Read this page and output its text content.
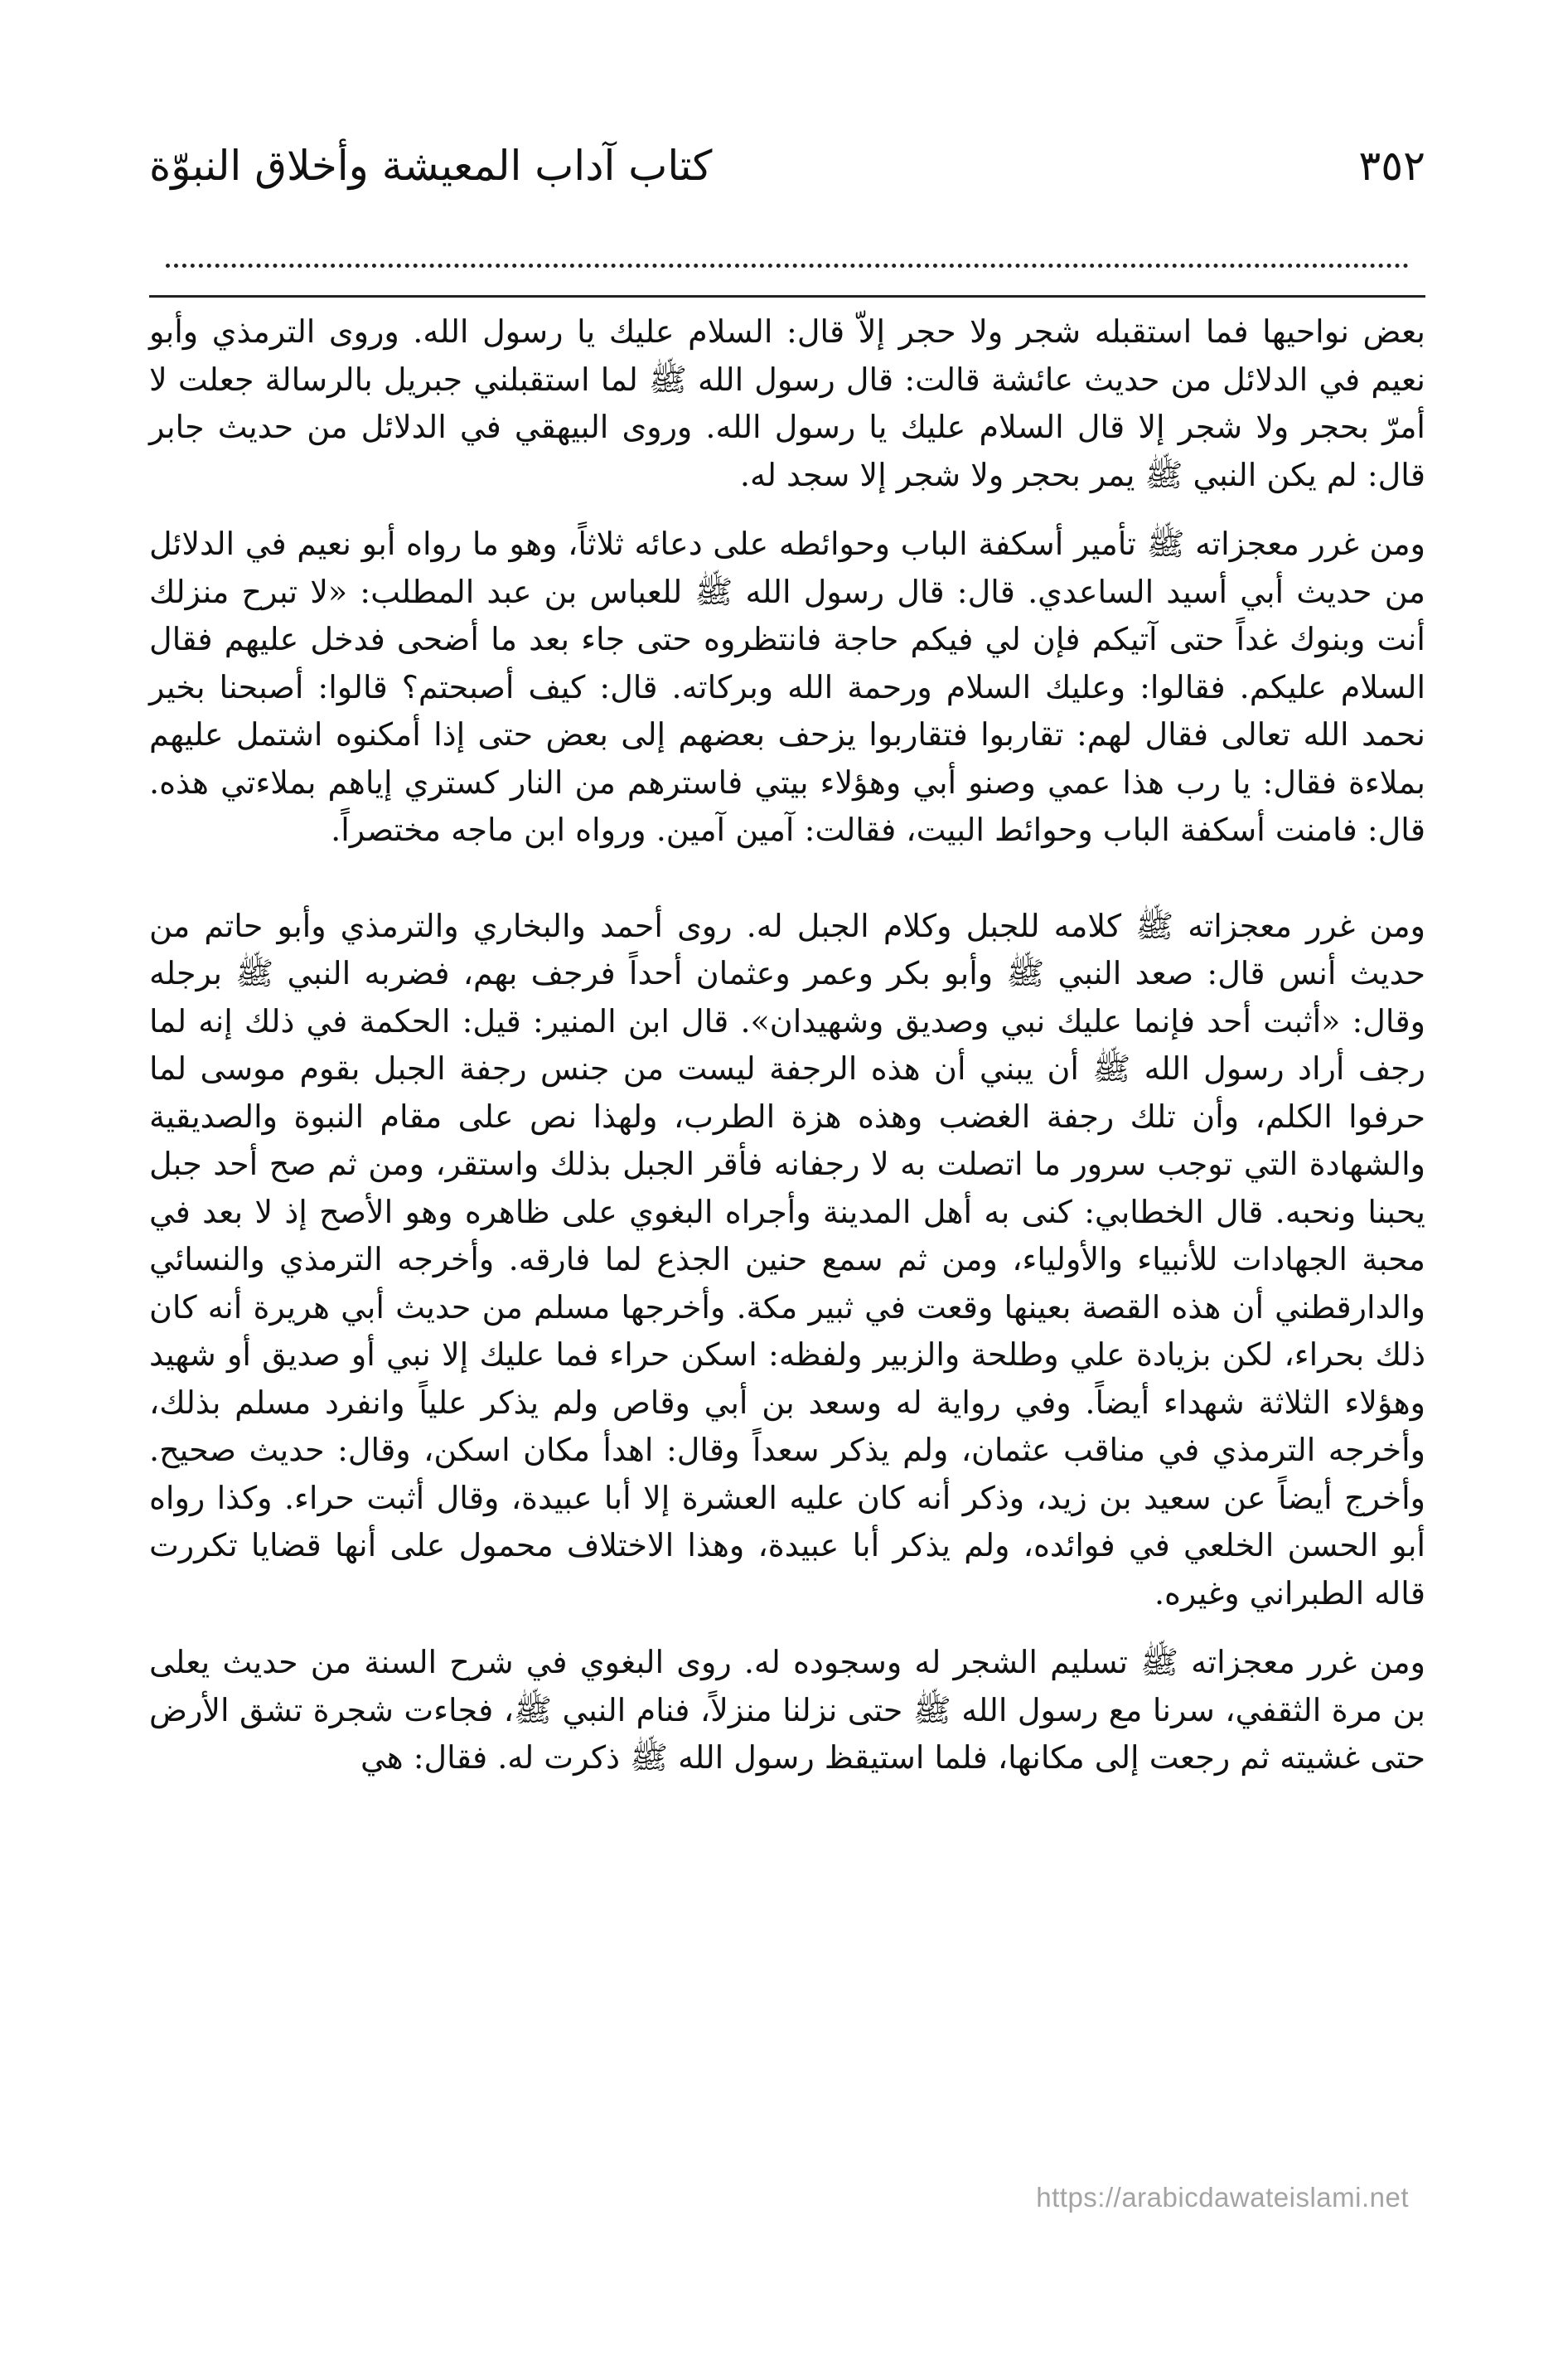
٣٥٢
كتاب آداب المعيشة وأخلاق النبوّة

بعض نواحيها فما استقبله شجر ولا حجر إلاّ قال: السلام عليك يا رسول الله. وروى الترمذي وأبو نعيم في الدلائل من حديث عائشة قالت: قال رسول الله ﷺ لما استقبلني جبريل بالرسالة جعلت لا أمرّ بحجر ولا شجر إلا قال السلام عليك يا رسول الله. وروى البيهقي في الدلائل من حديث جابر قال: لم يكن النبي ﷺ يمر بحجر ولا شجر إلا سجد له.

ومن غرر معجزاته ﷺ تأمير أسكفة الباب وحوائطه على دعائه ثلاثاً، وهو ما رواه أبو نعيم في الدلائل من حديث أبي أسيد الساعدي. قال: قال رسول الله ﷺ للعباس بن عبد المطلب: «لا تبرح منزلك أنت وبنوك غداً حتى آتيكم فإن لي فيكم حاجة فانتظروه حتى جاء بعد ما أضحى فدخل عليهم فقال السلام عليكم. فقالوا: وعليك السلام ورحمة الله وبركاته. قال: كيف أصبحتم؟ قالوا: أصبحنا بخير نحمد الله تعالى فقال لهم: تقاربوا فتقاربوا يزحف بعضهم إلى بعض حتى إذا أمكنوه اشتمل عليهم بملاءة فقال: يا رب هذا عمي وصنو أبي وهؤلاء بيتي فاسترهم من النار كستري إياهم بملاءتي هذه. قال: فامنت أسكفة الباب وحوائط البيت، فقالت: آمين آمين. ورواه ابن ماجه مختصراً.

ومن غرر معجزاته ﷺ كلامه للجبل وكلام الجبل له. روى أحمد والبخاري والترمذي وأبو حاتم من حديث أنس قال: صعد النبي ﷺ وأبو بكر وعمر وعثمان أحداً فرجف بهم، فضربه النبي ﷺ برجله وقال: «أثبت أحد فإنما عليك نبي وصديق وشهيدان». قال ابن المنير: قيل: الحكمة في ذلك إنه لما رجف أراد رسول الله ﷺ أن يبني أن هذه الرجفة ليست من جنس رجفة الجبل بقوم موسى لما حرفوا الكلم، وأن تلك رجفة الغضب وهذه هزة الطرب، ولهذا نص على مقام النبوة والصديقية والشهادة التي توجب سرور ما اتصلت به لا رجفانه فأقر الجبل بذلك واستقر، ومن ثم صح أحد جبل يحبنا ونحبه. قال الخطابي: كنى به أهل المدينة وأجراه البغوي على ظاهره وهو الأصح إذ لا بعد في محبة الجهادات للأنبياء والأولياء، ومن ثم سمع حنين الجذع لما فارقه. وأخرجه الترمذي والنسائي والدارقطني أن هذه القصة بعينها وقعت في ثبير مكة. وأخرجها مسلم من حديث أبي هريرة أنه كان ذلك بحراء، لكن بزيادة علي وطلحة والزبير ولفظه: اسكن حراء فما عليك إلا نبي أو صديق أو شهيد وهؤلاء الثلاثة شهداء أيضاً. وفي رواية له وسعد بن أبي وقاص ولم يذكر علياً وانفرد مسلم بذلك، وأخرجه الترمذي في مناقب عثمان، ولم يذكر سعداً وقال: اهدأ مكان اسكن، وقال: حديث صحيح. وأخرج أيضاً عن سعيد بن زيد، وذكر أنه كان عليه العشرة إلا أبا عبيدة، وقال أثبت حراء. وكذا رواه أبو الحسن الخلعي في فوائده، ولم يذكر أبا عبيدة، وهذا الاختلاف محمول على أنها قضايا تكررت قاله الطبراني وغيره.

ومن غرر معجزاته ﷺ تسليم الشجر له وسجوده له. روى البغوي في شرح السنة من حديث يعلى بن مرة الثقفي، سرنا مع رسول الله ﷺ حتى نزلنا منزلاً، فنام النبي ﷺ، فجاءت شجرة تشق الأرض حتى غشيته ثم رجعت إلى مكانها، فلما استيقظ رسول الله ﷺ ذكرت له. فقال: هي

https://arabicdawateislami.net
